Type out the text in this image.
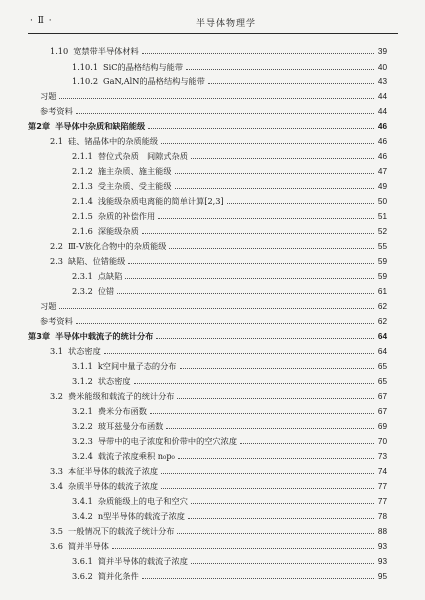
· Ⅱ ·	半导体物理学
1.10 宽禁带半导体材料	39
1.10.1 SiC的晶格结构与能带	40
1.10.2 GaN,AlN的晶格结构与能带	43
习题	44
参考资料	44
第2章 半导体中杂质和缺陷能级	46
2.1 硅、锗晶体中的杂质能级	46
2.1.1 替位式杂质　间隙式杂质	46
2.1.2 施主杂质、施主能级	47
2.1.3 受主杂质、受主能级	49
2.1.4 浅能级杂质电离能的简单计算[2,3]	50
2.1.5 杂质的补偿作用	51
2.1.6 深能级杂质	52
2.2 Ⅲ-Ⅴ族化合物中的杂质能级	55
2.3 缺陷、位错能级	59
2.3.1 点缺陷	59
2.3.2 位错	61
习题	62
参考资料	62
第3章 半导体中载流子的统计分布	64
3.1 状态密度	64
3.1.1 k空间中量子态的分布	65
3.1.2 状态密度	65
3.2 费米能级和载流子的统计分布	67
3.2.1 费米分布函数	67
3.2.2 玻耳兹曼分布函数	69
3.2.3 导带中的电子浓度和价带中的空穴浓度	70
3.2.4 载流子浓度乘积 n₀p₀	73
3.3 本征半导体的载流子浓度	74
3.4 杂质半导体的载流子浓度	77
3.4.1 杂质能级上的电子和空穴	77
3.4.2 n型半导体的载流子浓度	78
3.5 一般情况下的载流子统计分布	88
3.6 简并半导体	93
3.6.1 简并半导体的载流子浓度	93
3.6.2 简并化条件	95
